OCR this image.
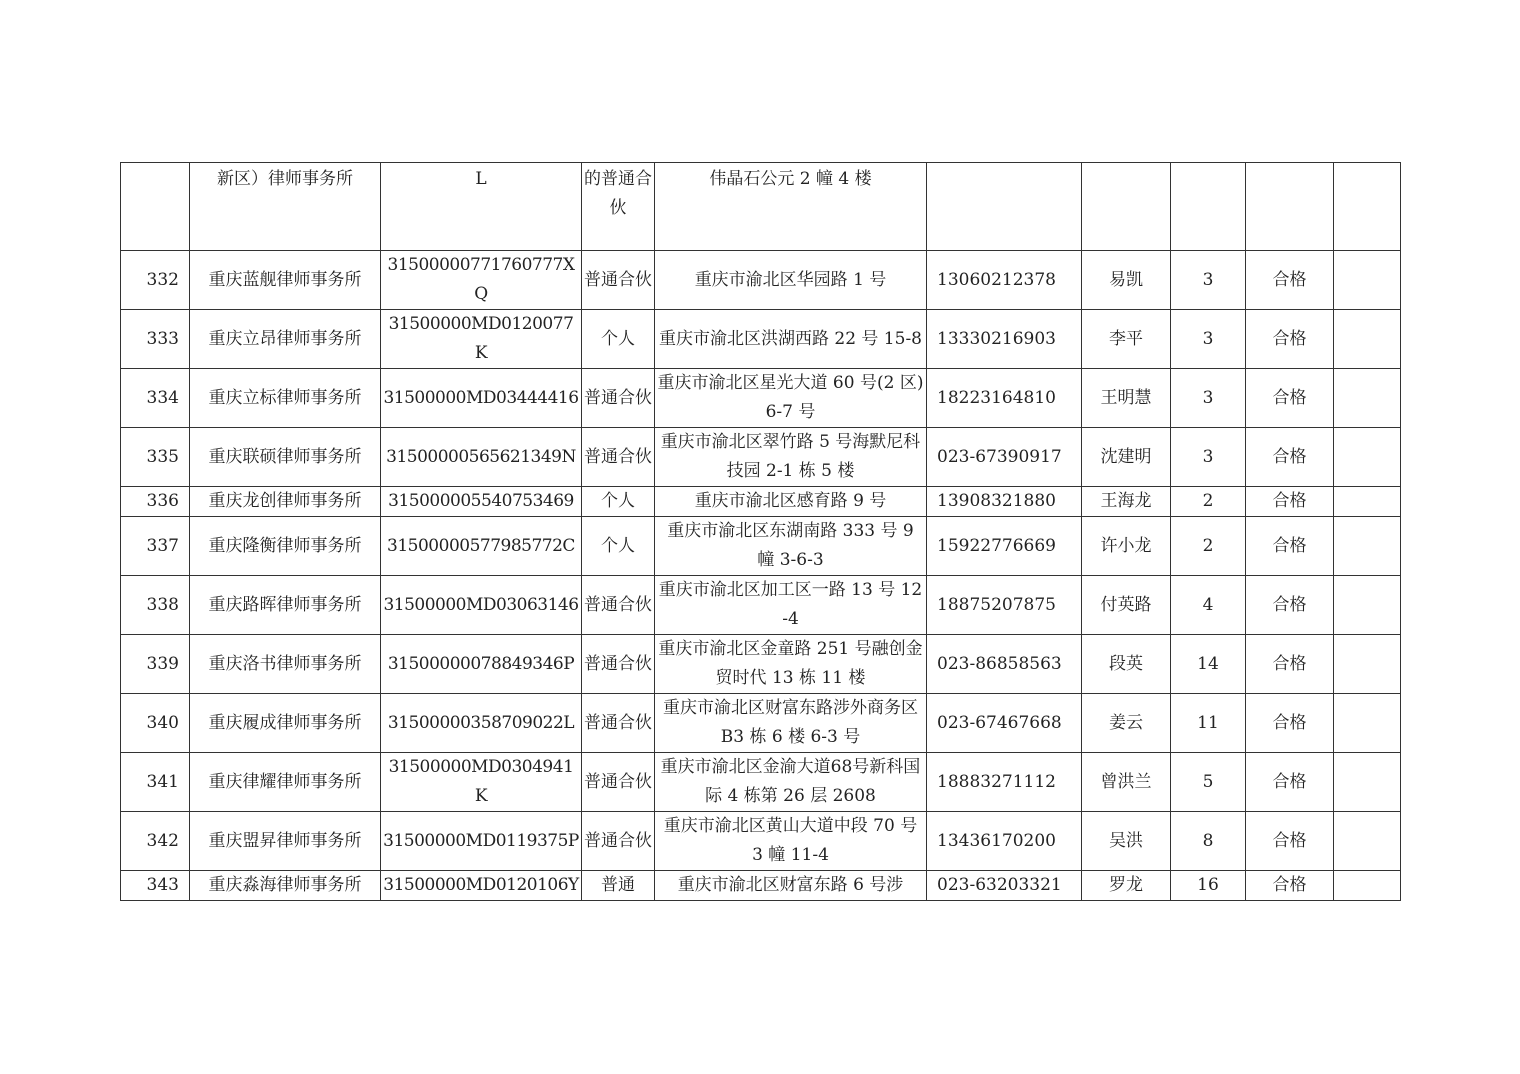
	新区）律师事务所	L	的普通合伙	伟晶石公元 2 幢 4 楼					
332	重庆蓝舰律师事务所	31500000771760777XQ	普通合伙	重庆市渝北区华园路 1 号	13060212378	易凯	3	合格	
333	重庆立昂律师事务所	31500000MD0120077K	个人	重庆市渝北区洪湖西路 22 号 15-8	13330216903	李平	3	合格	
334	重庆立标律师事务所	31500000MD03444416	普通合伙	重庆市渝北区星光大道 60 号(2 区)6-7 号	18223164810	王明慧	3	合格	
335	重庆联硕律师事务所	31500000565621349N	普通合伙	重庆市渝北区翠竹路 5 号海默尼科技园 2-1 栋 5 楼	023-67390917	沈建明	3	合格	
336	重庆龙创律师事务所	315000005540753469	个人	重庆市渝北区感育路 9 号	13908321880	王海龙	2	合格	
337	重庆隆衡律师事务所	31500000577985772C	个人	重庆市渝北区东湖南路 333 号 9 幢 3-6-3	15922776669	许小龙	2	合格	
338	重庆路晖律师事务所	31500000MD03063146	普通合伙	重庆市渝北区加工区一路 13 号 12-4	18875207875	付英路	4	合格	
339	重庆洛书律师事务所	31500000078849346P	普通合伙	重庆市渝北区金童路 251 号融创金贸时代 13 栋 11 楼	023-86858563	段英	14	合格	
340	重庆履成律师事务所	31500000358709022L	普通合伙	重庆市渝北区财富东路涉外商务区 B3 栋 6 楼 6-3 号	023-67467668	姜云	11	合格	
341	重庆律耀律师事务所	31500000MD0304941K	普通合伙	重庆市渝北区金渝大道68号新科国际 4 栋第 26 层 2608	18883271112	曾洪兰	5	合格	
342	重庆盟昇律师事务所	31500000MD0119375P	普通合伙	重庆市渝北区黄山大道中段 70 号 3 幢 11-4	13436170200	吴洪	8	合格	
343	重庆淼海律师事务所	31500000MD0120106Y	普通	重庆市渝北区财富东路 6 号涉	023-63203321	罗龙	16	合格	
